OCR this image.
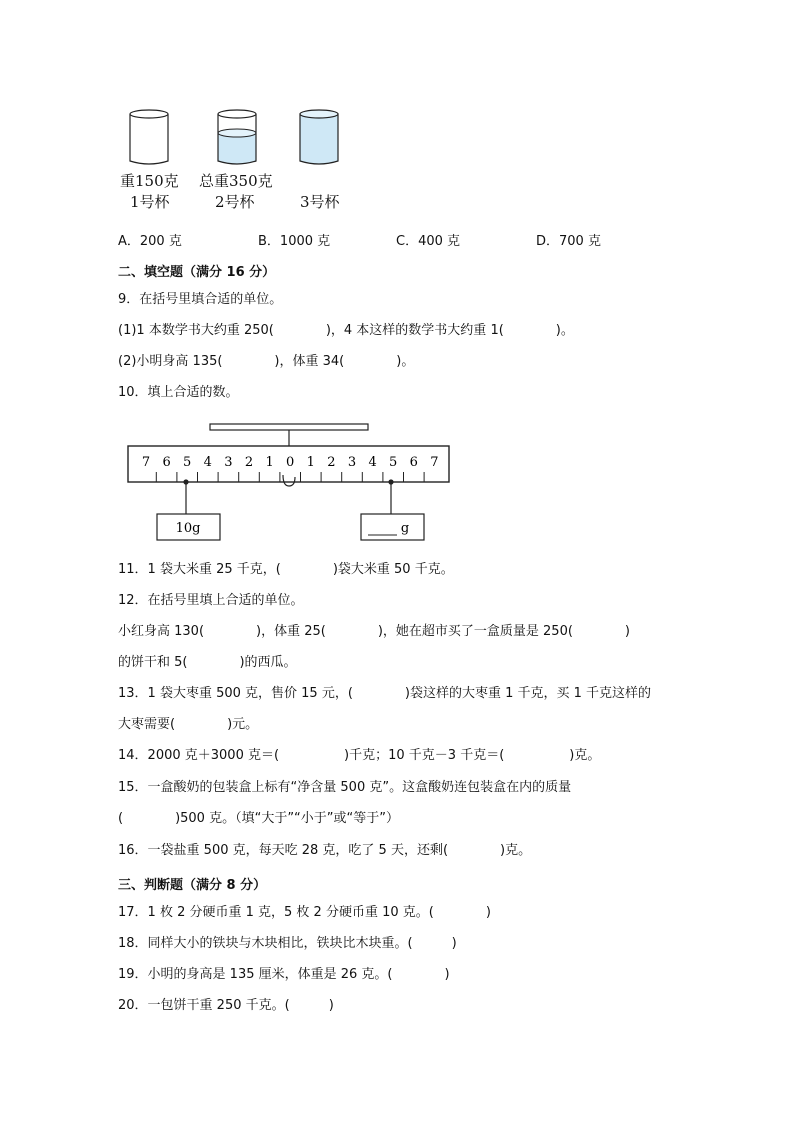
重150克 总重350克
1号杯	2号杯	3号杯
A．200 克	B．1000 克	C．400 克	D．700 克
二、填空题（满分 16 分）
9．在括号里填合适的单位。
(1)1 本数学书大约重 250(　　　　)，4 本这样的数学书大约重 1(　　　　)。
(2)小明身高 135(　　　　)，体重 34(　　　　)。
10．填上合适的数。
7 6 5 4 3 2 1 0 1 2 3 4 5 6 7
10g	g
11．1 袋大米重 25 千克，(　　　　)袋大米重 50 千克。
12．在括号里填上合适的单位。
小红身高 130(　　　　)，体重 25(　　　　)，她在超市买了一盒质量是 250(　　　　)
的饼干和 5(　　　　)的西瓜。
13．1 袋大枣重 500 克，售价 15 元，(　　　　)袋这样的大枣重 1 千克，买 1 千克这样的
大枣需要(　　　　)元。
14．2000 克＋3000 克＝(　　　　　)千克；10 千克－3 千克＝(　　　　　)克。
15．一盒酸奶的包装盒上标有“净含量 500 克”。这盒酸奶连包装盒在内的质量
(　　　　)500 克。（填“大于”“小于”或“等于”）
16．一袋盐重 500 克，每天吃 28 克，吃了 5 天，还剩(　　　　)克。
三、判断题（满分 8 分）
17．1 枚 2 分硬币重 1 克，5 枚 2 分硬币重 10 克。(　　　　)
18．同样大小的铁块与木块相比，铁块比木块重。(　　　)
19．小明的身高是 135 厘米，体重是 26 克。(　　　　)
20．一包饼干重 250 千克。(　　　)
